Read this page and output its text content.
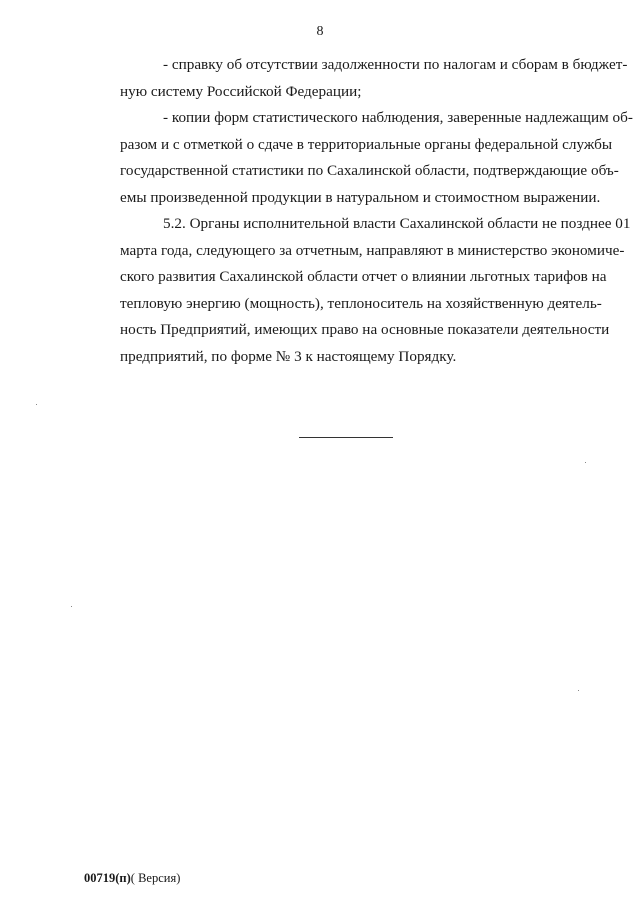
8
- справку об отсутствии задолженности по налогам и сборам в бюджет-
ную систему Российской Федерации;
- копии форм статистического наблюдения, заверенные надлежащим об-
разом и с отметкой о сдаче в территориальные органы федеральной службы
государственной статистики по Сахалинской области, подтверждающие объ-
емы произведенной продукции в натуральном и стоимостном выражении.
5.2. Органы исполнительной власти Сахалинской области не позднее 01
марта года, следующего за отчетным, направляют в министерство экономиче-
ского развития Сахалинской области отчет о влиянии льготных тарифов на
тепловую энергию (мощность), теплоноситель на хозяйственную деятель-
ность Предприятий, имеющих право на основные показатели деятельности
предприятий, по форме № 3 к настоящему Порядку.
00719(п)( Версия)
